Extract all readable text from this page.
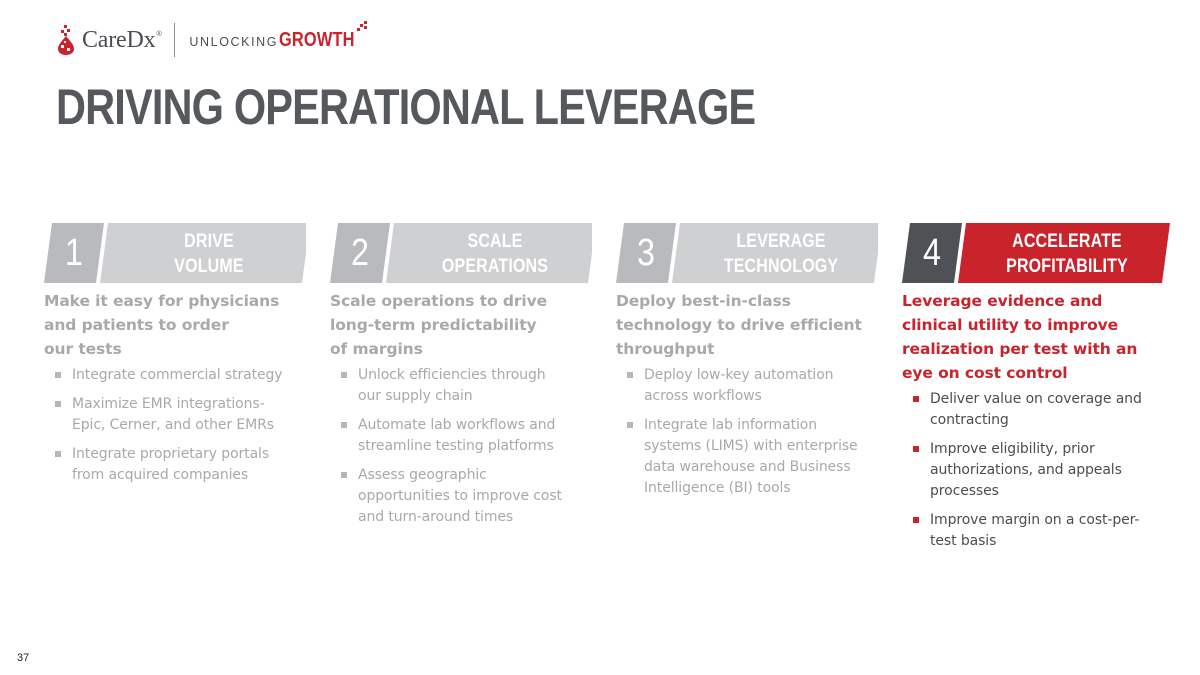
CareDx®
UNLOCKING GROWTH
DRIVING OPERATIONAL LEVERAGE
1	DRIVE
VOLUME
Make it easy for physicians
and patients to order
our tests
Integrate commercial strategy
Maximize EMR integrations-
Epic, Cerner, and other EMRs
Integrate proprietary portals
from acquired companies
2	SCALE
OPERATIONS
Scale operations to drive
long-term predictability
of margins
Unlock efficiencies through
our supply chain
Automate lab workflows and
streamline testing platforms
Assess geographic
opportunities to improve cost
and turn-around times
3	LEVERAGE
TECHNOLOGY
Deploy best-in-class
technology to drive efficient
throughput
Deploy low-key automation
across workflows
Integrate lab information
systems (LIMS) with enterprise
data warehouse and Business
Intelligence (BI) tools
4	ACCELERATE
PROFITABILITY
Leverage evidence and
clinical utility to improve
realization per test with an
eye on cost control
Deliver value on coverage and
contracting
Improve eligibility, prior
authorizations, and appeals
processes
Improve margin on a cost-per-
test basis
37
